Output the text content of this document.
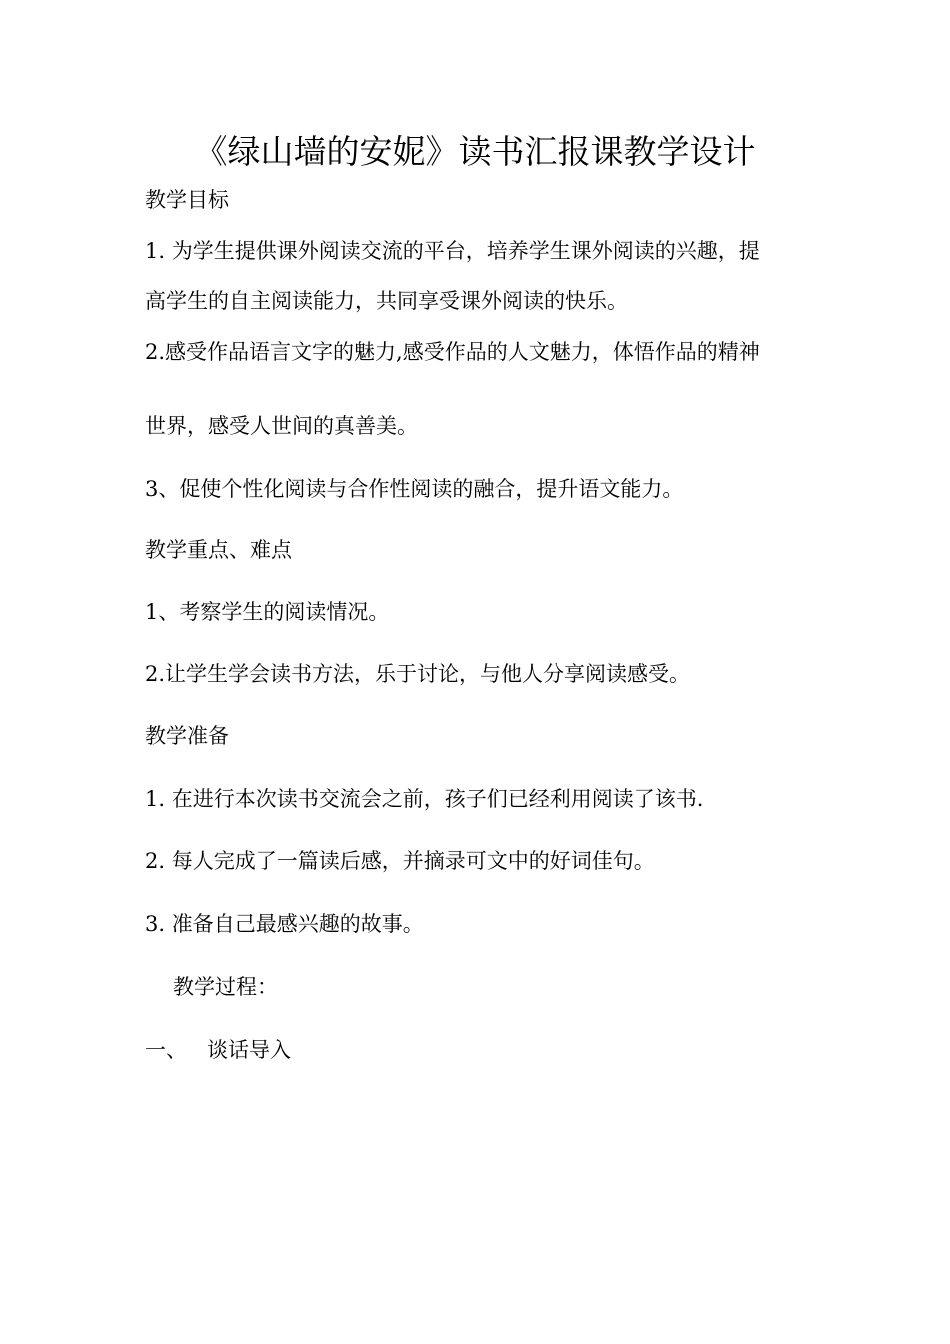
《绿山墙的安妮》读书汇报课教学设计
教学目标
1. 为学生提供课外阅读交流的平台，培养学生课外阅读的兴趣，提
高学生的自主阅读能力，共同享受课外阅读的快乐。
2.感受作品语言文字的魅力,感受作品的人文魅力，体悟作品的精神
世界，感受人世间的真善美。
3、促使个性化阅读与合作性阅读的融合，提升语文能力。
教学重点、难点
1、考察学生的阅读情况。
2.让学生学会读书方法，乐于讨论，与他人分享阅读感受。
教学准备
1. 在进行本次读书交流会之前，孩子们已经利用阅读了该书.
2. 每人完成了一篇读后感，并摘录可文中的好词佳句。
3. 准备自己最感兴趣的故事。
教学过程：
一、   谈话导入
